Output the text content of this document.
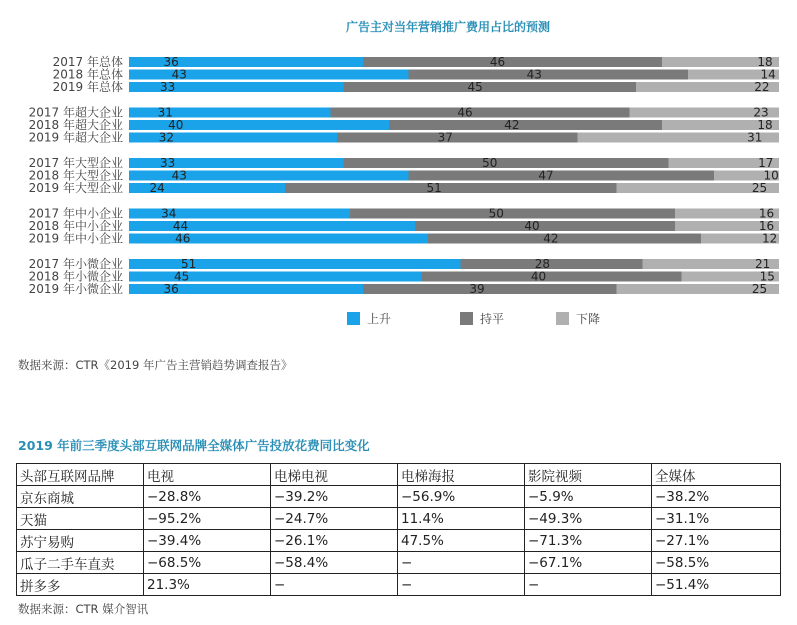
广告主对当年营销推广费用占比的预测
2017 年总体	36	46	18
2018 年总体	43	43	14
2019 年总体	33	45	22
2017 年超大企业	31	46	23
2018 年超大企业	40	42	18
2019 年超大企业	32	37	31
2017 年大型企业	33	50	17
2018 年大型企业	43	47	10
2019 年大型企业 24	51	25
2017 年中小企业	34	50	16
2018 年中小企业	44	40	16
2019 年中小企业	46	42	12
2017 年小微企业	51	28	21
2018 年小微企业	45	40	15
2019 年小微企业	36	39	25
上升	持平	下降
数据来源：CTR《2019 年广告主营销趋势调查报告》
2019 年前三季度头部互联网品牌全媒体广告投放花费同比变化
头部互联网品牌	电视	电梯电视	电梯海报	影院视频	全媒体
京东商城	−28.8%	−39.2%	−56.9%	−5.9%	−38.2%
天猫	−95.2%	−24.7%	11.4%	−49.3%	−31.1%
苏宁易购	−39.4%	−26.1%	47.5%	−71.3%	−27.1%
瓜子二手车直卖	−68.5%	−58.4%	−	−67.1%	−58.5%
拼多多	21.3%	−	−	−	−51.4%
数据来源：CTR 媒介智讯
